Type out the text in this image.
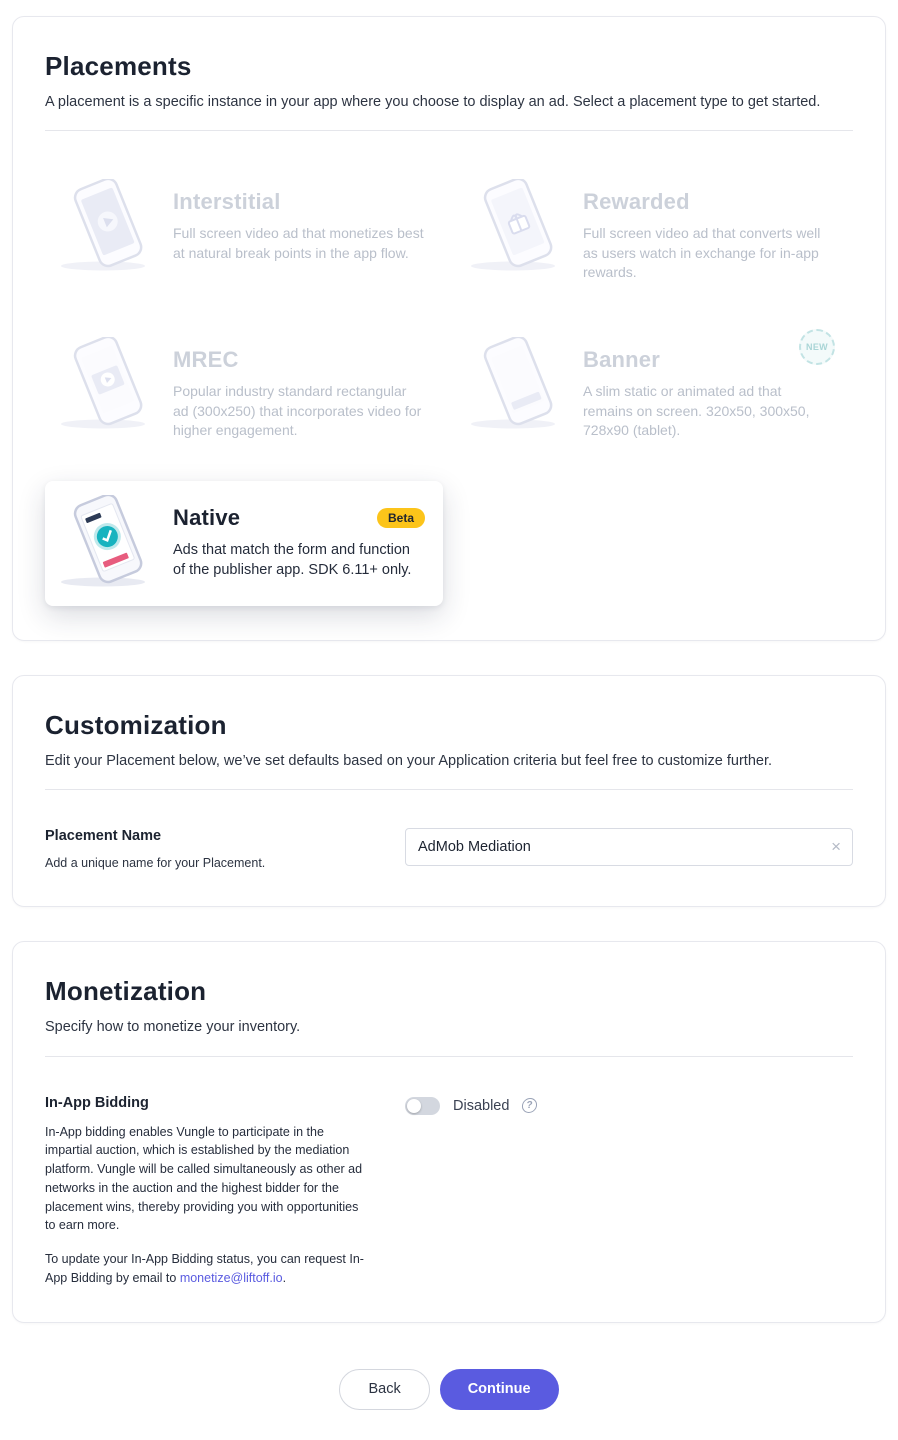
Placements
A placement is a specific instance in your app where you choose to display an ad. Select a placement type to get started.
Interstitial
Full screen video ad that monetizes best at natural break points in the app flow.
Rewarded
Full screen video ad that converts well as users watch in exchange for in-app rewards.
MREC
Popular industry standard rectangular ad (300x250) that incorporates video for higher engagement.
Banner
A slim static or animated ad that remains on screen. 320x50, 300x50, 728x90 (tablet).
NEW
Native	Beta
Ads that match the form and function of the publisher app. SDK 6.11+ only.
Customization
Edit your Placement below, we’ve set defaults based on your Application criteria but feel free to customize further.
Placement Name
Add a unique name for your Placement.
AdMob Mediation
×
Monetization
Specify how to monetize your inventory.
In-App Bidding

In-App bidding enables Vungle to participate in the impartial auction, which is established by the mediation platform. Vungle will be called simultaneously as other ad networks in the auction and the highest bidder for the placement wins, thereby providing you with opportunities to earn more.

To update your In-App Bidding status, you can request In-App Bidding by email to monetize@liftoff.io.

Disabled	?
Back	Continue
